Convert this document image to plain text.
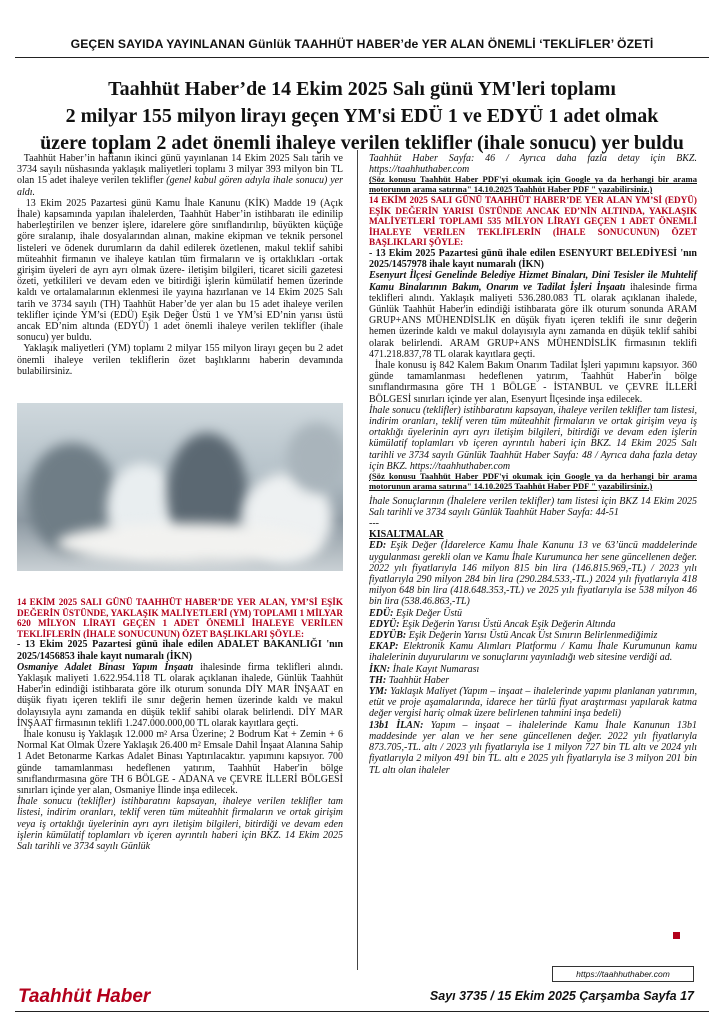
GEÇEN SAYIDA YAYINLANAN Günlük TAAHHÜT HABER’de YER ALAN ÖNEMLİ ‘TEKLİFLER’ ÖZETİ
Taahhüt Haber’de 14 Ekim 2025 Salı günü YM'leri toplamı
2 milyar 155 milyon lirayı geçen YM'si EDÜ 1 ve EDYÜ 1 adet olmak
üzere toplam 2 adet önemli ihaleye verilen teklifler (ihale sonucu) yer buldu

Taahhüt Haber’in haftanın ikinci günü yayınlanan 14 Ekim 2025 Salı tarih ve 3734 sayılı nüshasında yaklaşık maliyetleri toplamı 3 milyar 393 milyon bin TL olan 15 adet ihaleye verilen teklifler (genel kabul gören adıyla ihale sonucu) yer aldı.

13 Ekim 2025 Pazartesi günü Kamu İhale Kanunu (KİK) Madde 19 (Açık İhale) kapsamında yapılan ihalelerden, Taahhüt Haber’in istihbaratı ile edinilip haberleştirilen ve benzer işlere, idarelere göre sınıflandırılıp, büyükten küçüğe göre sıralanıp, ihale dosyalarından alınan, makine ekipman ve teknik personel listeleri ve ödenek durumların da dahil edilerek özetlenen, makul teklif sahibi müteahhit firmanın ve ihaleye katılan tüm firmaların ve iş ortaklıkları -ortak girişim üyeleri de ayrı ayrı olmak üzere- iletişim bilgileri, ticaret sicili gazetesi özeti, yetkilileri ve devam eden ve bitirdiği işlerin kümülatif hemen üzerinde kaldı ve ortalamalarının eklenmesi ile yayına hazırlanan ve 14 Ekim 2025 Salı tarih ve 3734 sayılı (TH) Taahhüt Haber’de yer alan bu 15 adet ihaleye verilen teklifler içinde YM’si (EDÜ) Eşik Değer Üstü 1 ve YM’si ED’nin yarısı üstü ancak ED’nim altında (EDYÜ) 1 adet önemli ihaleye verilen teklifler (ihale sonucu) yer buldu.

Yaklaşık maliyetleri (YM) toplamı 2 milyar 155 milyon lirayı geçen bu 2 adet önemli ihaleye verilen tekliflerin özet başlıklarını haberin devamında bulabilirsiniz.

14 EKİM 2025 SALI GÜNÜ TAAHHÜT HABER’DE YER ALAN, YM’Sİ EŞİK DEĞERİN ÜSTÜNDE, YAKLAŞIK MALİYETLERİ (YM) TOPLAMI 1 MİLYAR 620 MİLYON LİRAYI GEÇEN 1 ADET ÖNEMLİ İHALEYE VERİLEN TEKLİFLERİN (İHALE SONUCUNUN) ÖZET BAŞLIKLARI ŞÖYLE:

- 13 Ekim 2025 Pazartesi günü ihale edilen ADALET BAKANLIĞI 'nın 2025/1456853 ihale kayıt numaralı (İKN)

Osmaniye Adalet Binası Yapım İnşaatı ihalesinde firma teklifleri alındı. Yaklaşık maliyeti 1.622.954.118 TL olarak açıklanan ihalede, Günlük Taahhüt Haber'in edindiği istihbarata göre ilk oturum sonunda DİY MAR İNŞAAT en düşük fiyatı içeren teklifi ile sınır değerin hemen üzerinde kaldı ve makul dolayısıyla aynı zamanda en düşük teklif sahibi olarak belirlendi. DİY MAR İNŞAAT firmasının teklifi 1.247.000.000,00 TL olarak kayıtlara geçti.

İhale konusu iş Yaklaşık 12.000 m² Arsa Üzerine; 2 Bodrum Kat + Zemin + 6 Normal Kat Olmak Üzere Yaklaşık 26.400 m² Emsale Dahil İnşaat Alanına Sahip 1 Adet Betonarme Karkas Adalet Binası Yaptırılacaktır. yapımını kapsıyor. 700 günde tamamlanması hedeflenen yatırım, Taahhüt Haber'in bölge sınıflandırmasına göre TH 6 BÖLGE - ADANA ve ÇEVRE İLLERİ BÖLGESİ sınırları içinde yer alan, Osmaniye İlinde inşa edilecek.

İhale sonucu (teklifler) istihbaratını kapsayan, ihaleye verilen teklifler tam listesi, indirim oranları, teklif veren tüm müteahhit firmaların ve ortak girişim veya iş ortaklığı üyelerinin ayrı ayrı iletişim bilgileri, bitirdiği ve devam eden işlerin kümülatif toplamları vb içeren ayrıntılı haberi için BKZ. 14 Ekim 2025 Salı tarihli ve 3734 sayılı Günlük

Taahhüt Haber Sayfa: 46 / Ayrıca daha fazla detay için BKZ. https://taahhuthaber.com

(Söz konusu Taahhüt Haber PDF'yi okumak için Google ya da herhangi bir arama motorunun arama satırına" 14.10.2025 Taahhüt Haber PDF " yazabilirsiniz.)

14 EKİM 2025 SALI GÜNÜ TAAHHÜT HABER’DE YER ALAN YM’Sİ (EDYÜ) EŞİK DEĞERİN YARISI ÜSTÜNDE ANCAK ED’NİN ALTINDA, YAKLAŞIK MALİYETLERİ TOPLAMI 535 MİLYON LİRAYI GEÇEN 1 ADET ÖNEMLİ İHALEYE VERİLEN TEKLİFLERİN (İHALE SONUCUNUN) ÖZET BAŞLIKLARI ŞÖYLE:

- 13 Ekim 2025 Pazartesi günü ihale edilen ESENYURT BELEDİYESİ 'nın 2025/1457978 ihale kayıt numaralı (İKN)

Esenyurt İlçesi Genelinde Belediye Hizmet Binaları, Dini Tesisler ile Muhtelif Kamu Binalarının Bakım, Onarım ve Tadilat İşleri İnşaatı ihalesinde firma teklifleri alındı. Yaklaşık maliyeti 536.280.083 TL olarak açıklanan ihalede, Günlük Taahhüt Haber'in edindiği istihbarata göre ilk oturum sonunda ARAM GRUP+ANS MÜHENDİSLİK en düşük fiyatı içeren teklifi ile sınır değerin hemen üzerinde kaldı ve makul dolayısıyla aynı zamanda en düşük teklif sahibi olarak belirlendi. ARAM GRUP+ANS MÜHENDİSLİK firmasının teklifi 471.218.837,78 TL olarak kayıtlara geçti.

İhale konusu iş 842 Kalem Bakım Onarım Tadilat İşleri yapımını kapsıyor. 360 günde tamamlanması hedeflenen yatırım, Taahhüt Haber'in bölge sınıflandırmasına göre TH 1 BÖLGE - İSTANBUL ve ÇEVRE İLLERİ BÖLGESİ sınırları içinde yer alan, Esenyurt İlçesinde inşa edilecek.

İhale sonucu (teklifler) istihbaratını kapsayan, ihaleye verilen teklifler tam listesi, indirim oranları, teklif veren tüm müteahhit firmaların ve ortak girişim veya iş ortaklığı üyelerinin ayrı ayrı iletişim bilgileri, bitirdiği ve devam eden işlerin kümülatif toplamları vb içeren ayrıntılı haberi için BKZ. 14 Ekim 2025 Salı tarihli ve 3734 sayılı Günlük Taahhüt Haber Sayfa: 48 / Ayrıca daha fazla detay için BKZ. https://taahhuthaber.com

(Söz konusu Taahhüt Haber PDF'yi okumak için Google ya da herhangi bir arama motorunun arama satırına" 14.10.2025 Taahhüt Haber PDF " yazabilirsiniz.)

İhale Sonuçlarının (İhalelere verilen teklifler) tam listesi için BKZ 14 Ekim 2025 Salı tarihli ve 3734 sayılı Günlük Taahhüt Haber Sayfa: 44-51

---

KISALTMALAR

ED: Eşik Değer (İdarelerce Kamu İhale Kanunu 13 ve 63’üncü maddelerinde uygulanması gerekli olan ve Kamu İhale Kurumunca her sene güncellenen değer. 2022 yılı fiyatlarıyla 146 milyon 815 bin lira (146.815.969,-TL) / 2023 yılı fiyatlarıyla 290 milyon 284 bin lira (290.284.533,-TL.) 2024 yılı fiyatlarıyla 418 milyon 648 bin lira (418.648.353,-TL) ve 2025 yılı fiyatlarıyla ise 538 milyon 46 bin lira (538.46.863,-TL)

EDÜ: Eşik Değer Üstü

EDYÜ: Eşik Değerin Yarısı Üstü Ancak Eşik Değerin Altında

EDYÜB: Eşik Değerin Yarısı Üstü Ancak Üst Sınırın Belirlenmediğimiz

EKAP: Elektronik Kamu Alımları Platformu / Kamu İhale Kurumunun kamu ihalelerinin duyurularını ve sonuçlarını yayınladığı web sitesine verdiği ad.

İKN: İhale Kayıt Numarası

TH: Taahhüt Haber

YM: Yaklaşık Maliyet (Yapım – inşaat – ihalelerinde yapımı planlanan yatırımın, etüt ve proje aşamalarında, idarece her türlü fiyat araştırması yapılarak katma değer vergisi hariç olmak üzere belirlenen tahmini inşa bedeli)

13b1 İLAN: Yapım – inşaat – ihalelerinde Kamu İhale Kanunun 13b1 maddesinde yer alan ve her sene güncellenen değer. 2022 yılı fiyatlarıyla 873.705,-TL. altı / 2023 yılı fiyatlarıyla ise 1 milyon 727 bin TL altı ve 2024 yılı fiyatlarıyla 2 milyon 491 bin TL. altı e 2025 yılı fiyatlarıyla ise 3 milyon 201 bin TL altı olan ihaleler

https://taahhuthaber.com
Taahhüt Haber	Sayı 3735 / 15 Ekim 2025 Çarşamba Sayfa 17
